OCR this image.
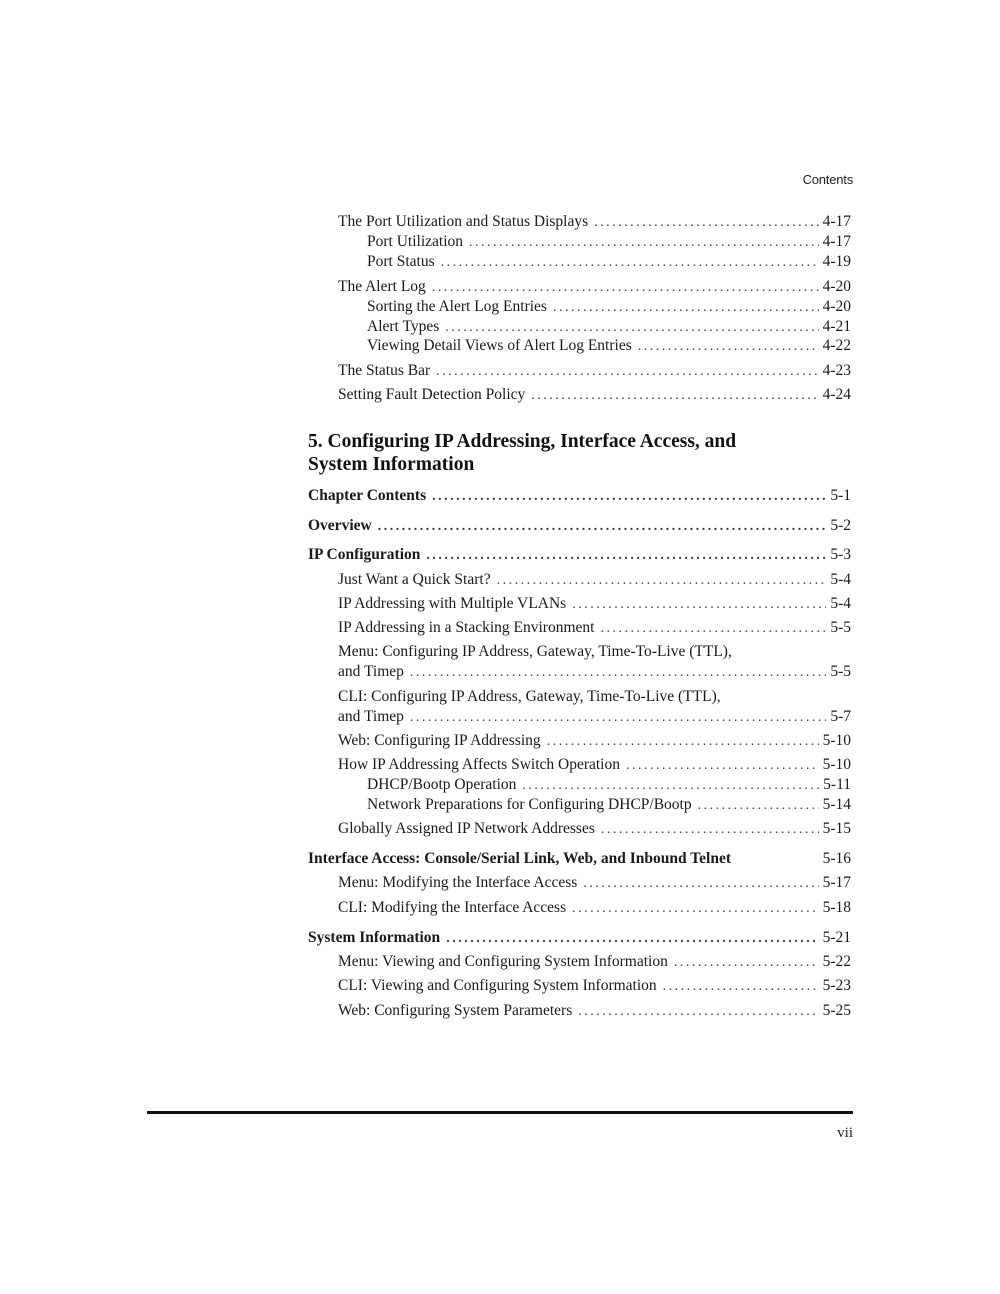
Contents
The Port Utilization and Status Displays . . .	4-17
Port Utilization . . .	4-17
Port Status . . .	4-19
The Alert Log . . .	4-20
Sorting the Alert Log Entries . . .	4-20
Alert Types . . .	4-21
Viewing Detail Views of Alert Log Entries . . .	4-22
The Status Bar . . .	4-23
Setting Fault Detection Policy . . .	4-24
5. Configuring IP Addressing, Interface Access, and
System Information
Chapter Contents . . .	5-1
Overview . . .	5-2
IP Configuration . . .	5-3
Just Want a Quick Start? . . .	5-4
IP Addressing with Multiple VLANs . . .	5-4
IP Addressing in a Stacking Environment . . .	5-5
Menu: Configuring IP Address, Gateway, Time-To-Live (TTL),
and Timep . . .	5-5
CLI: Configuring IP Address, Gateway, Time-To-Live (TTL),
and Timep . . .	5-7
Web: Configuring IP Addressing . . .	5-10
How IP Addressing Affects Switch Operation . . .	5-10
DHCP/Bootp Operation . . .	5-11
Network Preparations for Configuring DHCP/Bootp . . .	5-14
Globally Assigned IP Network Addresses . . .	5-15
Interface Access: Console/Serial Link, Web, and Inbound Telnet	5-16
Menu: Modifying the Interface Access . . .	5-17
CLI: Modifying the Interface Access . . .	5-18
System Information . . .	5-21
Menu: Viewing and Configuring System Information . . .	5-22
CLI: Viewing and Configuring System Information . . .	5-23
Web: Configuring System Parameters . . .	5-25
vii
